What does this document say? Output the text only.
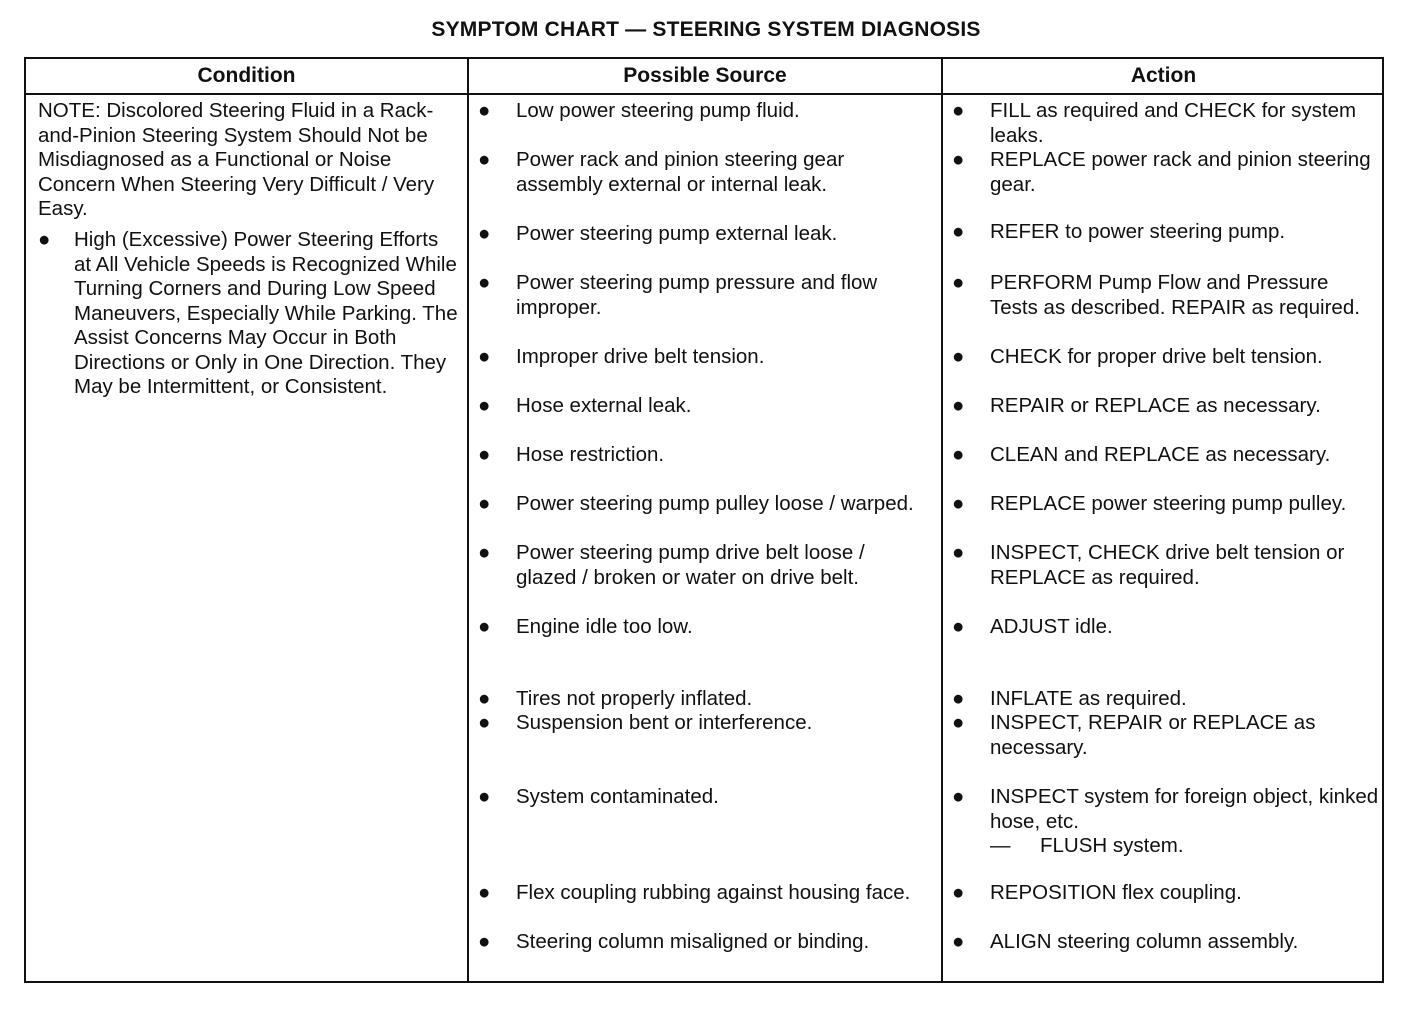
SYMPTOM CHART — STEERING SYSTEM DIAGNOSIS
Condition	Possible Source	Action
NOTE: Discolored Steering Fluid in a Rack-and-Pinion Steering System Should Not be Misdiagnosed as a Functional or Noise Concern When Steering Very Difficult / Very Easy.
● High (Excessive) Power Steering Efforts at All Vehicle Speeds is Recognized While Turning Corners and During Low Speed Maneuvers, Especially While Parking. The Assist Concerns May Occur in Both Directions or Only in One Direction. They May be Intermittent, or Consistent.
● Low power steering pump fluid.
● Power rack and pinion steering gear assembly external or internal leak.
● Power steering pump external leak.
● Power steering pump pressure and flow improper.
● Improper drive belt tension.
● Hose external leak.
● Hose restriction.
● Power steering pump pulley loose / warped.
● Power steering pump drive belt loose / glazed / broken or water on drive belt.
● Engine idle too low.
● Tires not properly inflated.
● Suspension bent or interference.
● System contaminated.
● Flex coupling rubbing against housing face.
● Steering column misaligned or binding.
● FILL as required and CHECK for system leaks.
● REPLACE power rack and pinion steering gear.
● REFER to power steering pump.
● PERFORM Pump Flow and Pressure Tests as described. REPAIR as required.
● CHECK for proper drive belt tension.
● REPAIR or REPLACE as necessary.
● CLEAN and REPLACE as necessary.
● REPLACE power steering pump pulley.
● INSPECT, CHECK drive belt tension or REPLACE as required.
● ADJUST idle.
● INFLATE as required.
● INSPECT, REPAIR or REPLACE as necessary.
● INSPECT system for foreign object, kinked hose, etc.
— FLUSH system.
● REPOSITION flex coupling.
● ALIGN steering column assembly.
